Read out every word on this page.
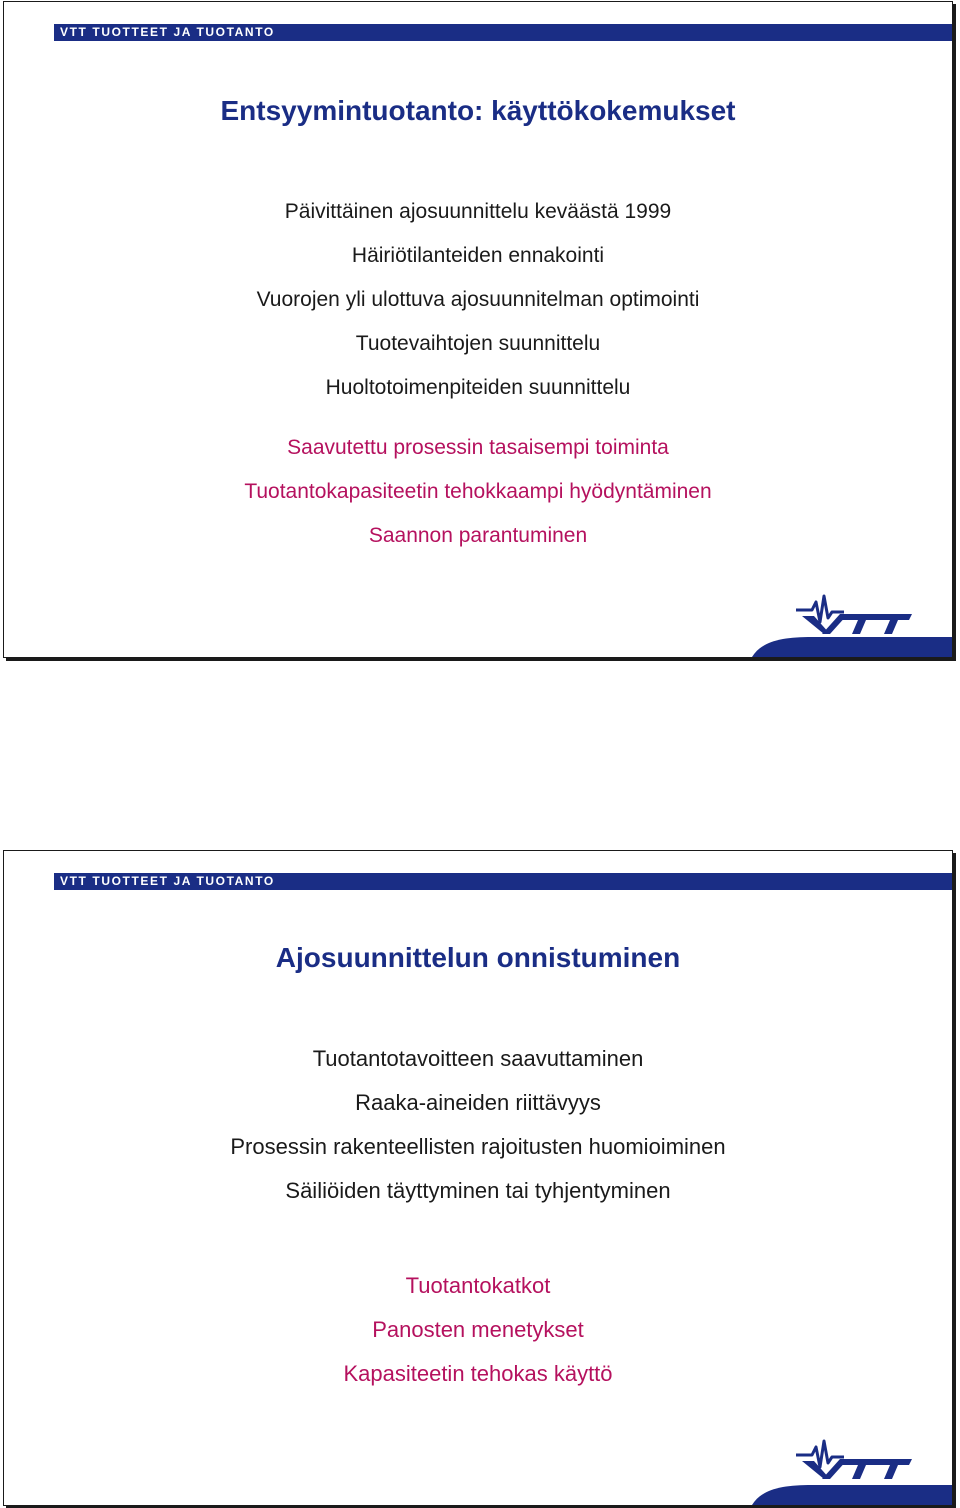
VTT TUOTTEET JA TUOTANTO
Entsyymintuotanto: käyttökokemukset
Päivittäinen ajosuunnittelu keväästä 1999
Häiriötilanteiden ennakointi
Vuorojen yli ulottuva ajosuunnitelman optimointi
Tuotevaihtojen suunnittelu
Huoltotoimenpiteiden suunnittelu
Saavutettu prosessin tasaisempi toiminta
Tuotantokapasiteetin tehokkaampi hyödyntäminen
Saannon parantuminen
VTT TUOTTEET JA TUOTANTO
Ajosuunnittelun onnistuminen
Tuotantotavoitteen saavuttaminen
Raaka-aineiden riittävyys
Prosessin rakenteellisten rajoitusten huomioiminen
Säiliöiden täyttyminen tai tyhjentyminen
Tuotantokatkot
Panosten menetykset
Kapasiteetin tehokas käyttö
